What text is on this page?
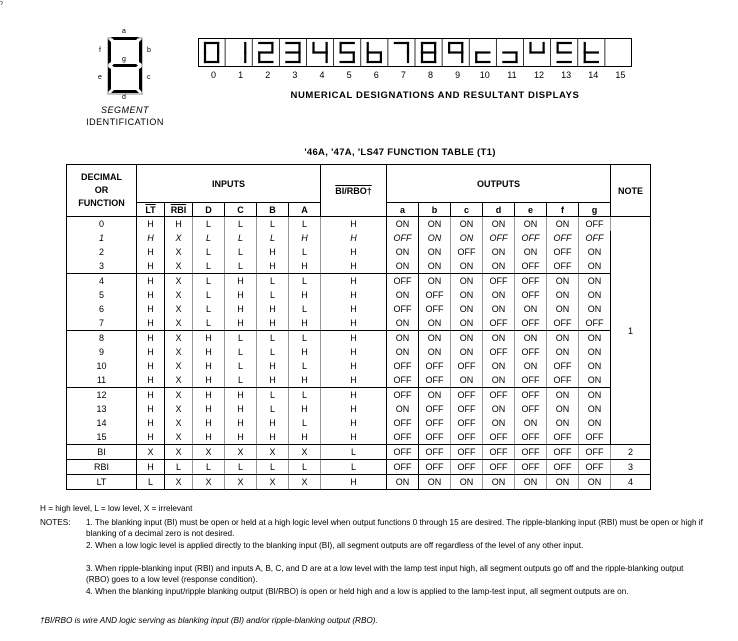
ˀ
a
b
c
d
e
f
g
SEGMENT
IDENTIFICATION
0	1	2	3	4	5	6	7	8	9	10	11	12	13	14	15
NUMERICAL DESIGNATIONS AND RESULTANT DISPLAYS
'46A, '47A, 'LS47 FUNCTION TABLE (T1)
DECIMAL
OR
FUNCTION	INPUTS						BI/RBO†	OUTPUTS							NOTE
	$\overline{LT}$	$\overline{RBI}$	D	C	B	A		a	b	c	d	e	f	g	
0	H	H	L	L	L	L	H	ON	ON	ON	ON	ON	ON	OFF	1
1	H	X	L	L	L	H	H	OFF	ON	ON	OFF	OFF	OFF	OFF	
2	H	X	L	L	H	L	H	ON	ON	OFF	ON	ON	OFF	ON	
3	H	X	L	L	H	H	H	ON	ON	ON	ON	OFF	OFF	ON	
4	H	X	L	H	L	L	H	OFF	ON	ON	OFF	OFF	ON	ON	
5	H	X	L	H	L	H	H	ON	OFF	ON	ON	OFF	ON	ON	
6	H	X	L	H	H	L	H	OFF	OFF	ON	ON	ON	ON	ON	
7	H	X	L	H	H	H	H	ON	ON	ON	OFF	OFF	OFF	OFF	
8	H	X	H	L	L	L	H	ON	ON	ON	ON	ON	ON	ON	
9	H	X	H	L	L	H	H	ON	ON	ON	OFF	OFF	ON	ON	
10	H	X	H	L	H	L	H	OFF	OFF	OFF	ON	ON	OFF	ON	
11	H	X	H	L	H	H	H	OFF	OFF	ON	ON	OFF	OFF	ON	
12	H	X	H	H	L	L	H	OFF	ON	OFF	OFF	OFF	ON	ON	
13	H	X	H	H	L	H	H	ON	OFF	OFF	ON	OFF	ON	ON	
14	H	X	H	H	H	L	H	OFF	OFF	OFF	ON	ON	ON	ON	
15	H	X	H	H	H	H	H	OFF	OFF	OFF	OFF	OFF	OFF	OFF	
BI	X	X	X	X	X	X	L	OFF	OFF	OFF	OFF	OFF	OFF	OFF	2
RBI	H	L	L	L	L	L	L	OFF	OFF	OFF	OFF	OFF	OFF	OFF	3
LT	L	X	X	X	X	X	H	ON	ON	ON	ON	ON	ON	ON	4
H = high level, L = low level, X = irrelevant
NOTES: 1. The blanking input (BI) must be open or held at a high logic level when output functions 0 through 15 are desired. The ripple-blanking input (RBI) must be open or high if blanking of a decimal zero is not desired.
2. When a low logic level is applied directly to the blanking input (BI), all segment outputs are off regardless of the level of any other input.
3. When ripple-blanking input (RBI) and inputs A, B, C, and D are at a low level with the lamp test input high, all segment outputs go off and the ripple-blanking output (RBO) goes to a low level (response condition).
4. When the blanking input/ripple blanking output (BI/RBO) is open or held high and a low is applied to the lamp-test input, all segment outputs are on.
†BI/RBO is wire AND logic serving as blanking input (BI) and/or ripple-blanking output (RBO).
